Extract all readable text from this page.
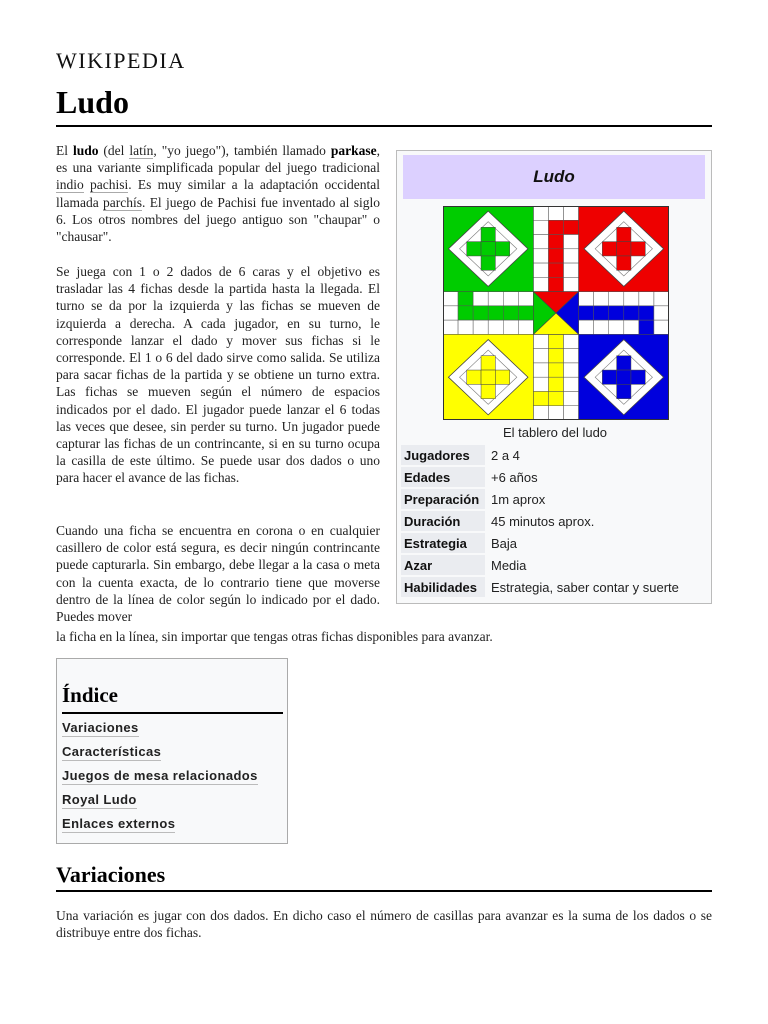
WIKIPEDIA
Ludo

El ludo (del latín, "yo juego"), también llamado parkase, es una variante simplificada popular del juego tradicional indio pachisi. Es muy similar a la adaptación occidental llamada parchís. El juego de Pachisi fue inventado al siglo 6. Los otros nombres del juego antiguo son "chaupar" o "chausar".

Se juega con 1 o 2 dados de 6 caras y el objetivo es trasladar las 4 fichas desde la partida hasta la llegada. El turno se da por la izquierda y las fichas se mueven de izquierda a derecha. A cada jugador, en su turno, le corresponde lanzar el dado y mover sus fichas si le corresponde. El 1 o 6 del dado sirve como salida. Se utiliza para sacar fichas de la partida y se obtiene un turno extra. Las fichas se mueven según el número de espacios indicados por el dado. El jugador puede lanzar el 6 todas las veces que desee, sin perder su turno. Un jugador puede capturar las fichas de un contrincante, si en su turno ocupa la casilla de este último. Se puede usar dos dados o uno para hacer el avance de las fichas.

Cuando una ficha se encuentra en corona o en cualquier casillero de color está segura, es decir ningún contrincante puede capturarla. Sin embargo, debe llegar a la casa o meta con la cuenta exacta, de lo contrario tiene que moverse dentro de la línea de color según lo indicado por el dado. Puedes mover

la ficha en la línea, sin importar que tengas otras fichas disponibles para avanzar.

Ludo
El tablero del ludo
Jugadores	2 a 4
Edades	+6 años
Preparación 1m aprox
Duración	45 minutos aprox.
Estrategia	Baja
Azar	Media
Habilidades	Estrategia, saber contar y suerte
Índice
Variaciones
Características
Juegos de mesa relacionados
Royal Ludo
Enlaces externos
Variaciones

Una variación es jugar con dos dados. En dicho caso el número de casillas para avanzar es la suma de los dados o se distribuye entre dos fichas.
